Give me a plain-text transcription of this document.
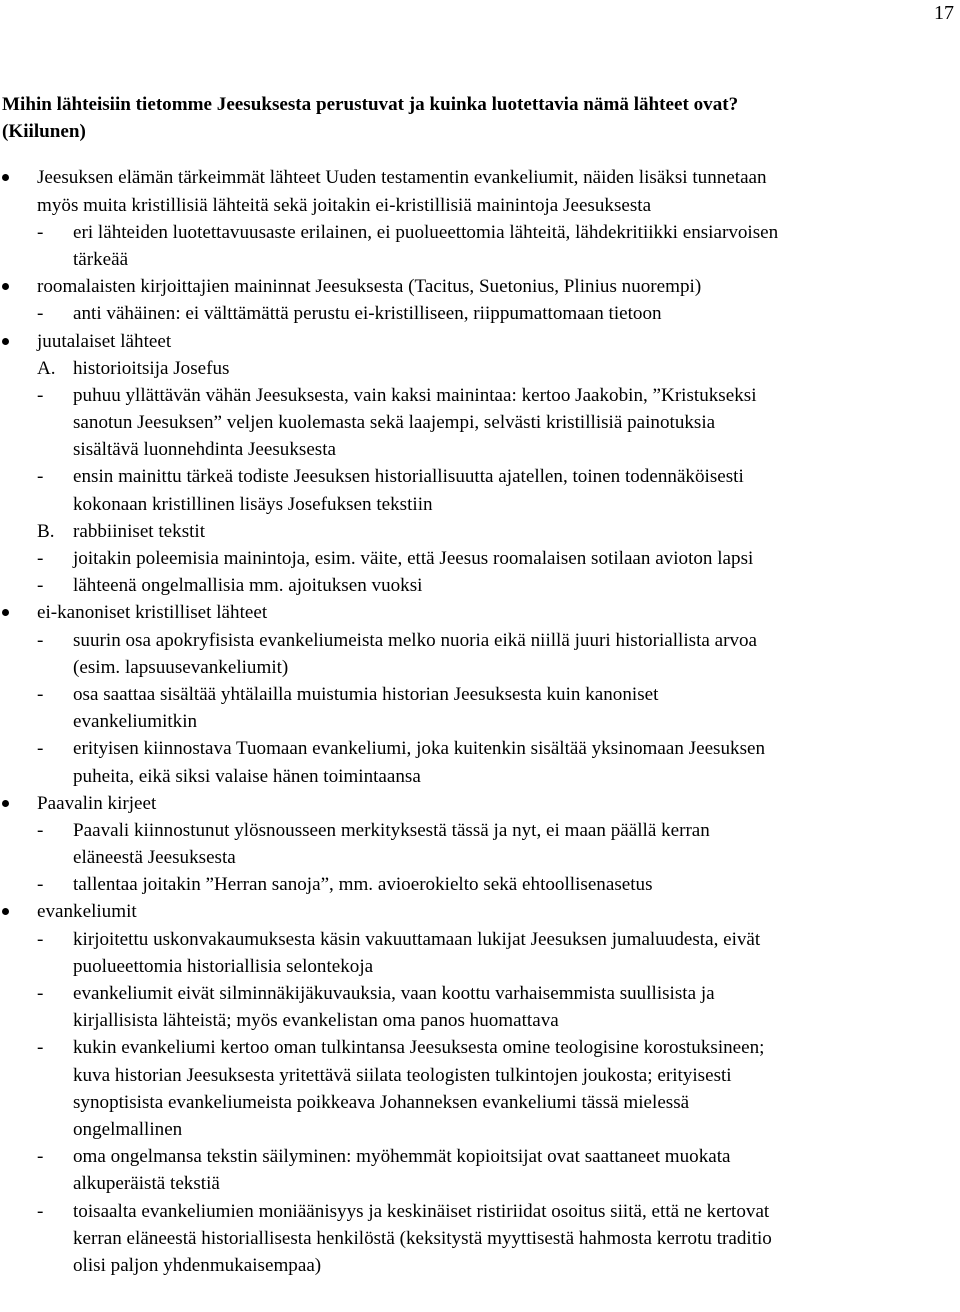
17
Mihin lähteisiin tietomme Jeesuksesta perustuvat ja kuinka luotettavia nämä lähteet ovat?
(Kiilunen)
Jeesuksen elämän tärkeimmät lähteet Uuden testamentin evankeliumit, näiden lisäksi tunnetaan
myös muita kristillisiä lähteitä sekä joitakin ei-kristillisiä mainintoja Jeesuksesta
- eri lähteiden luotettavuusaste erilainen, ei puolueettomia lähteitä, lähdekritiikki ensiarvoisen
tärkeää
roomalaisten kirjoittajien maininnat Jeesuksesta (Tacitus, Suetonius, Plinius nuorempi)
- anti vähäinen: ei välttämättä perustu ei-kristilliseen, riippumattomaan tietoon
juutalaiset lähteet
A. historioitsija Josefus
- puhuu yllättävän vähän Jeesuksesta, vain kaksi mainintaa: kertoo Jaakobin, ”Kristukseksi
sanotun Jeesuksen” veljen kuolemasta sekä laajempi, selvästi kristillisiä painotuksia
sisältävä luonnehdinta Jeesuksesta
- ensin mainittu tärkeä todiste Jeesuksen historiallisuutta ajatellen, toinen todennäköisesti
kokonaan kristillinen lisäys Josefuksen tekstiin
B. rabbiiniset tekstit
- joitakin poleemisia mainintoja, esim. väite, että Jeesus roomalaisen sotilaan avioton lapsi
- lähteenä ongelmallisia mm. ajoituksen vuoksi
ei-kanoniset kristilliset lähteet
- suurin osa apokryfisista evankeliumeista melko nuoria eikä niillä juuri historiallista arvoa
(esim. lapsuusevankeliumit)
- osa saattaa sisältää yhtälailla muistumia historian Jeesuksesta kuin kanoniset
evankeliumitkin
- erityisen kiinnostava Tuomaan evankeliumi, joka kuitenkin sisältää yksinomaan Jeesuksen
puheita, eikä siksi valaise hänen toimintaansa
Paavalin kirjeet
- Paavali kiinnostunut ylösnousseen merkityksestä tässä ja nyt, ei maan päällä kerran
eläneestä Jeesuksesta
- tallentaa joitakin ”Herran sanoja”, mm. avioerokielto sekä ehtoollisenasetus
evankeliumit
- kirjoitettu uskonvakaumuksesta käsin vakuuttamaan lukijat Jeesuksen jumaluudesta, eivät
puolueettomia historiallisia selontekoja
- evankeliumit eivät silminnäkijäkuvauksia, vaan koottu varhaisemmista suullisista ja
kirjallisista lähteistä; myös evankelistan oma panos huomattava
- kukin evankeliumi kertoo oman tulkintansa Jeesuksesta omine teologisine korostuksineen;
kuva historian Jeesuksesta yritettävä siilata teologisten tulkintojen joukosta; erityisesti
synoptisista evankeliumeista poikkeava Johanneksen evankeliumi tässä mielessä
ongelmallinen
- oma ongelmansa tekstin säilyminen: myöhemmät kopioitsijat ovat saattaneet muokata
alkuperäistä tekstiä
- toisaalta evankeliumien moniäänisyys ja keskinäiset ristiriidat osoitus siitä, että ne kertovat
kerran eläneestä historiallisesta henkilöstä (keksitystä myyttisestä hahmosta kerrotu traditio
olisi paljon yhdenmukaisempaa)
